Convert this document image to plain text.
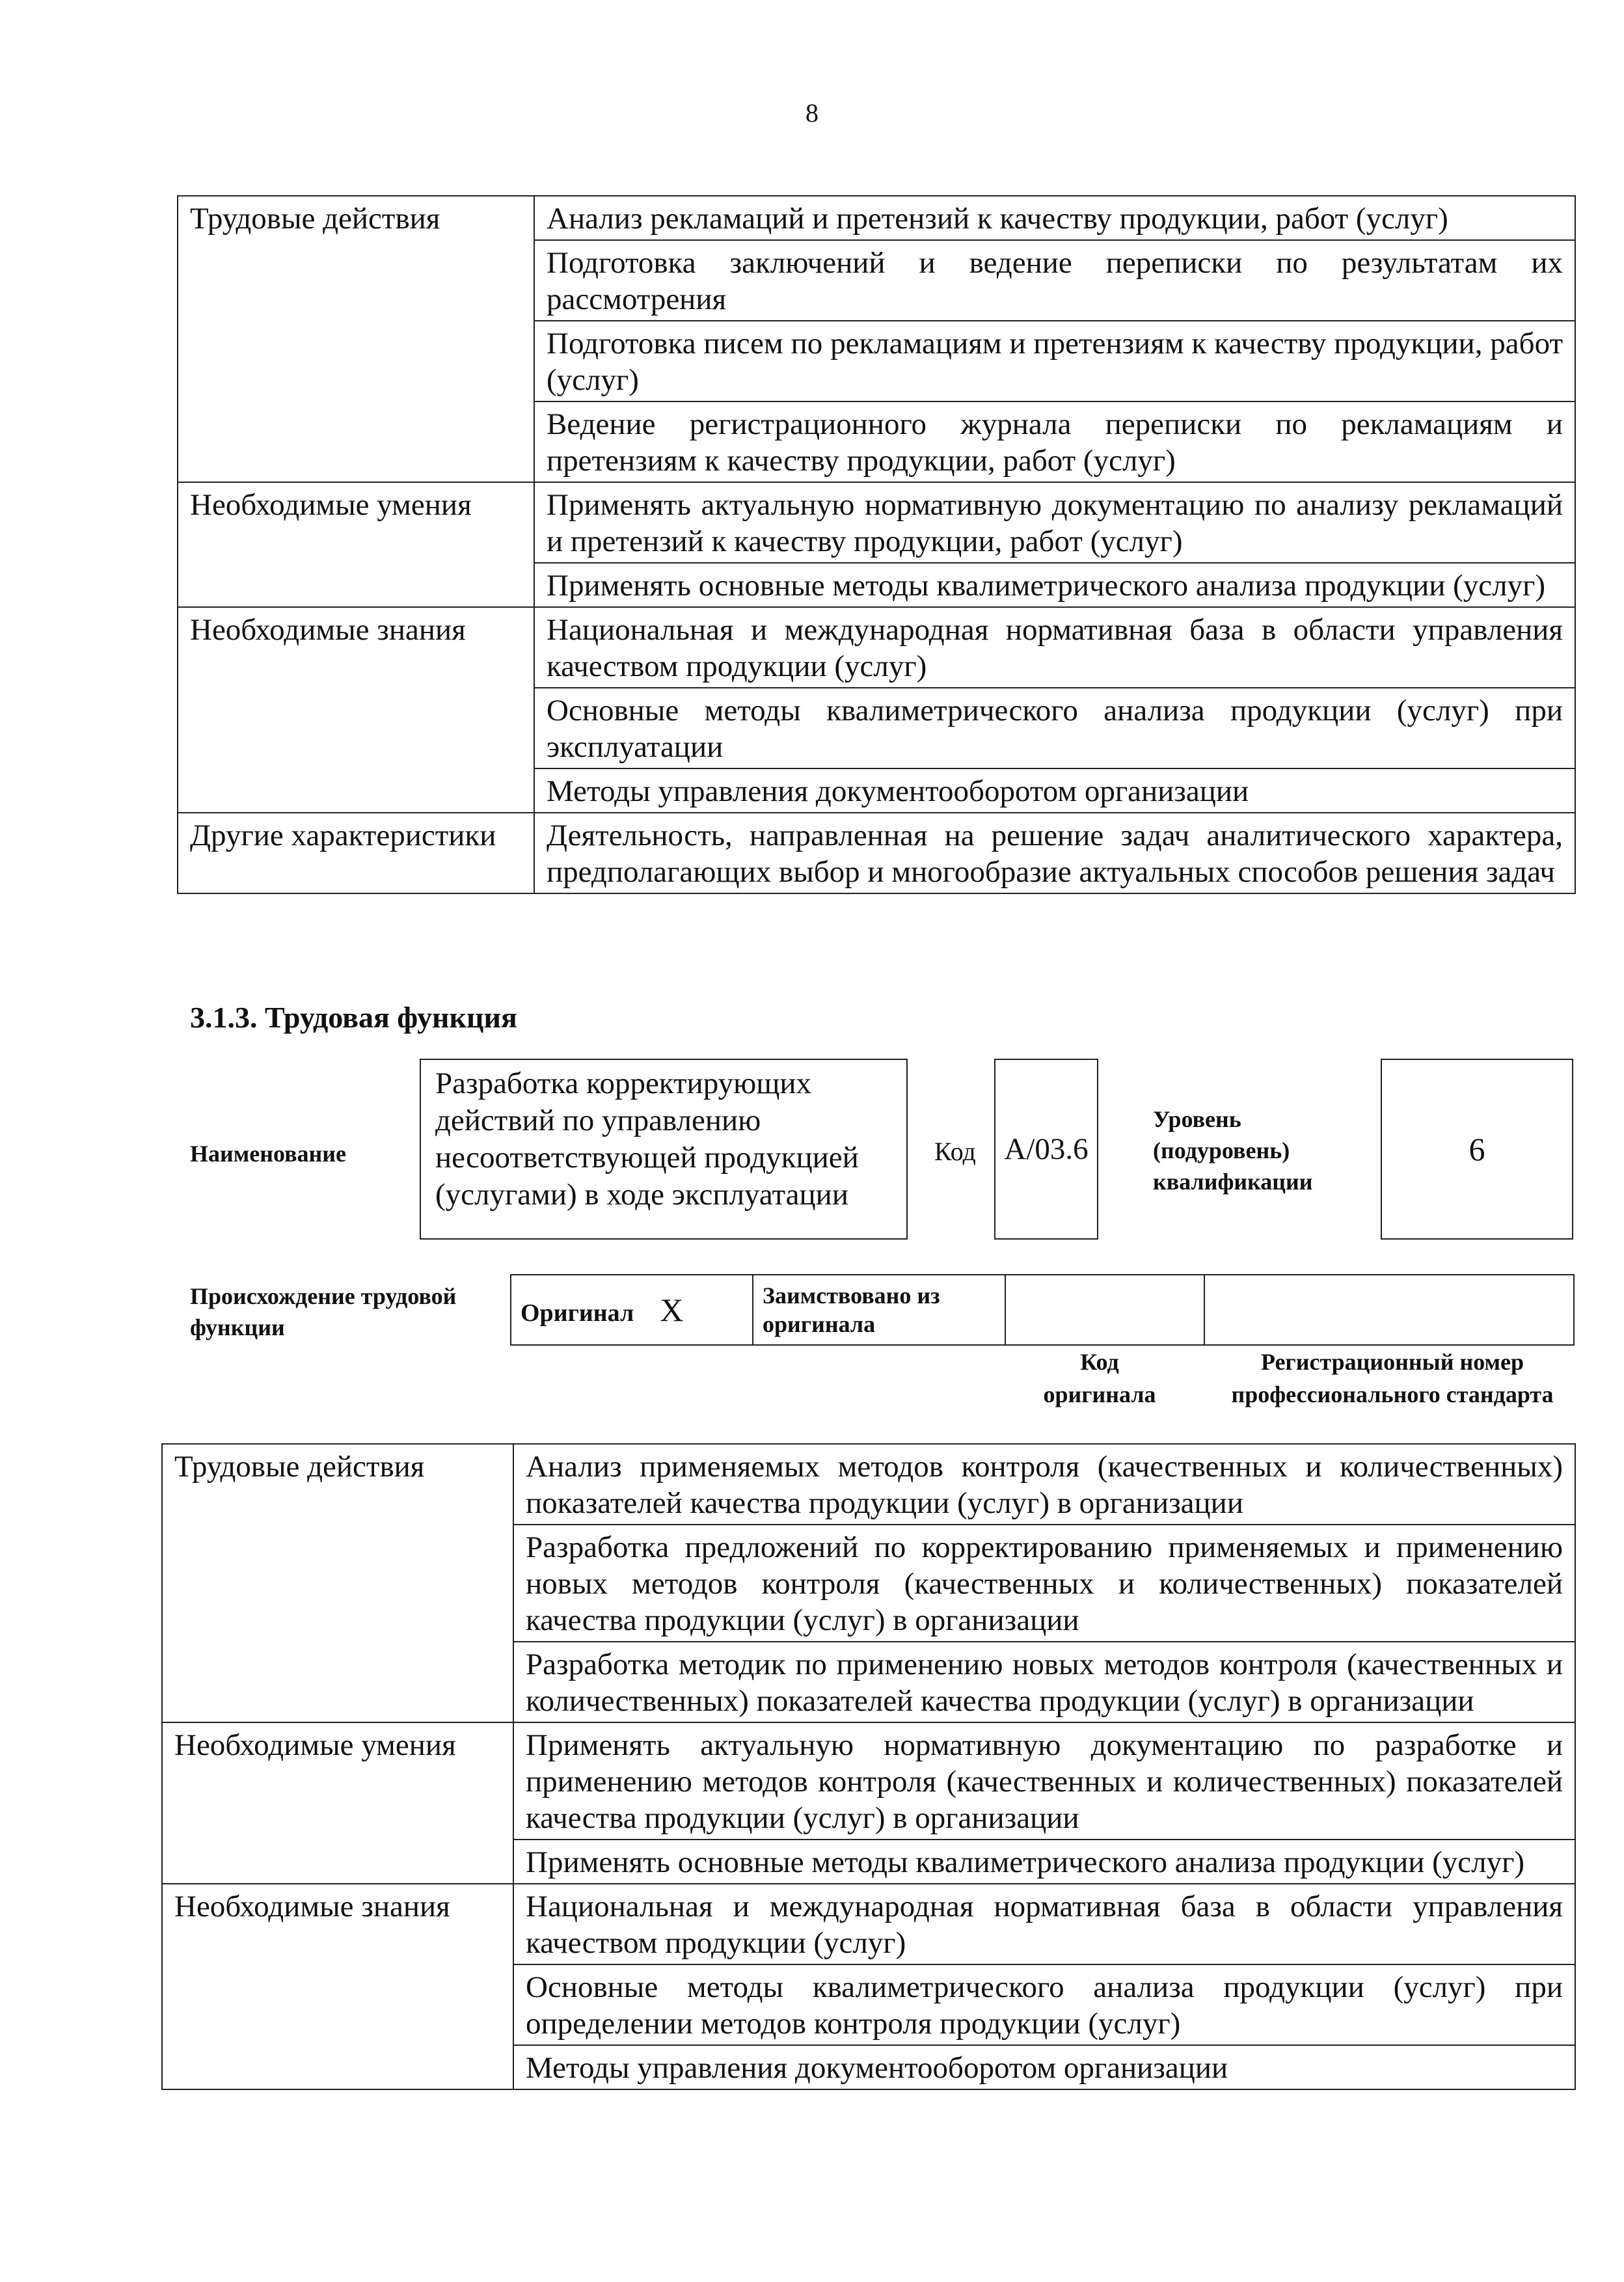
8
Трудовые действия	Анализ рекламаций и претензий к качеству продукции, работ (услуг)
	Подготовка заключений и ведение переписки по результатам их рассмотрения
	Подготовка писем по рекламациям и претензиям к качеству продукции, работ (услуг)
	Ведение регистрационного журнала переписки по рекламациям и претензиям к качеству продукции, работ (услуг)
Необходимые умения	Применять актуальную нормативную документацию по анализу рекламаций и претензий к качеству продукции, работ (услуг)
	Применять основные методы квалиметрического анализа продукции (услуг)
Необходимые знания	Национальная и международная нормативная база в области управления качеством продукции (услуг)
	Основные методы квалиметрического анализа продукции (услуг) при эксплуатации
	Методы управления документооборотом организации
Другие характеристики	Деятельность, направленная на решение задач аналитического характера, предполагающих выбор и многообразие актуальных способов решения задач
3.1.3. Трудовая функция
Наименование
Разработка корректирующих действий по управлению несоответствующей продукцией (услугами) в ходе эксплуатации
Код А/03.6
Уровень
(подуровень)
квалификации
6
Происхождение трудовой
функции
Оригинал X	Заимствовано из
оригинала

Код
оригинала
Регистрационный номер
профессионального стандарта
Трудовые действия	Анализ применяемых методов контроля (качественных и количественных) показателей качества продукции (услуг) в организации
	Разработка предложений по корректированию применяемых и применению новых методов контроля (качественных и количественных) показателей качества продукции (услуг) в организации
	Разработка методик по применению новых методов контроля (качественных и количественных) показателей качества продукции (услуг) в организации
Необходимые умения	Применять актуальную нормативную документацию по разработке и применению методов контроля (качественных и количественных) показателей качества продукции (услуг) в организации
	Применять основные методы квалиметрического анализа продукции (услуг)
Необходимые знания	Национальная и международная нормативная база в области управления качеством продукции (услуг)
	Основные методы квалиметрического анализа продукции (услуг) при определении методов контроля продукции (услуг)
	Методы управления документооборотом организации
